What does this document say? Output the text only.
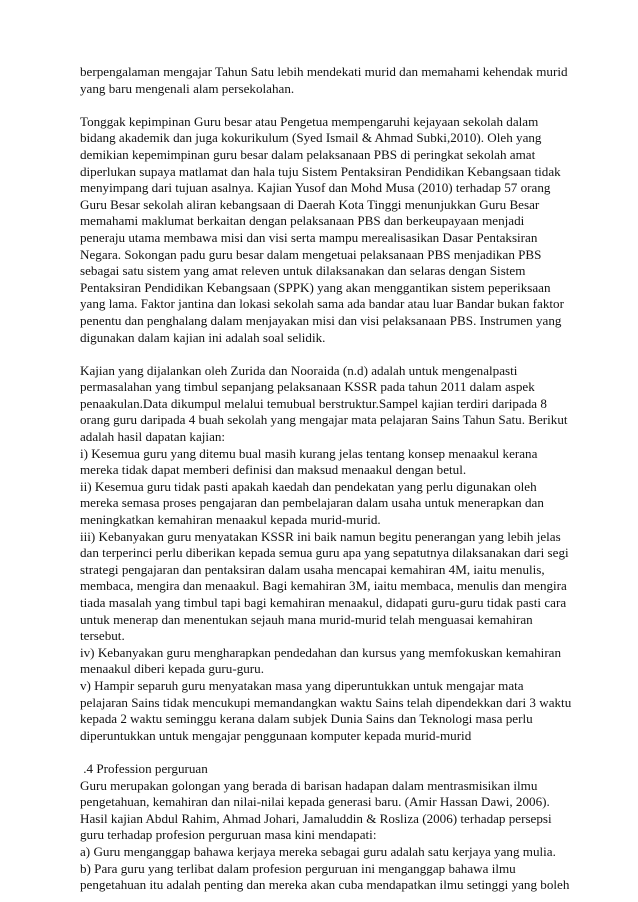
berpengalaman mengajar Tahun Satu lebih mendekati murid dan memahami kehendak murid
yang baru mengenali alam persekolahan.

Tonggak kepimpinan Guru besar atau Pengetua mempengaruhi kejayaan sekolah dalam
bidang akademik dan juga kokurikulum (Syed Ismail & Ahmad Subki,2010). Oleh yang
demikian kepemimpinan guru besar dalam pelaksanaan PBS di peringkat sekolah amat
diperlukan supaya matlamat dan hala tuju Sistem Pentaksiran Pendidikan Kebangsaan tidak
menyimpang dari tujuan asalnya. Kajian Yusof dan Mohd Musa (2010) terhadap 57 orang
Guru Besar sekolah aliran kebangsaan di Daerah Kota Tinggi menunjukkan Guru Besar
memahami maklumat berkaitan dengan pelaksanaan PBS dan berkeupayaan menjadi
peneraju utama membawa misi dan visi serta mampu merealisasikan Dasar Pentaksiran
Negara. Sokongan padu guru besar dalam mengetuai pelaksanaan PBS menjadikan PBS
sebagai satu sistem yang amat releven untuk dilaksanakan dan selaras dengan Sistem
Pentaksiran Pendidikan Kebangsaan (SPPK) yang akan menggantikan sistem peperiksaan
yang lama. Faktor jantina dan lokasi sekolah sama ada bandar atau luar Bandar bukan faktor
penentu dan penghalang dalam menjayakan misi dan visi pelaksanaan PBS. Instrumen yang
digunakan dalam kajian ini adalah soal selidik.

Kajian yang dijalankan oleh Zurida dan Nooraida (n.d) adalah untuk mengenalpasti
permasalahan yang timbul sepanjang pelaksanaan KSSR pada tahun 2011 dalam aspek
penaakulan.Data dikumpul melalui temubual berstruktur.Sampel kajian terdiri daripada 8
orang guru daripada 4 buah sekolah yang mengajar mata pelajaran Sains Tahun Satu. Berikut
adalah hasil dapatan kajian:
i) Kesemua guru yang ditemu bual masih kurang jelas tentang konsep menaakul kerana
mereka tidak dapat memberi definisi dan maksud menaakul dengan betul.
ii) Kesemua guru tidak pasti apakah kaedah dan pendekatan yang perlu digunakan oleh
mereka semasa proses pengajaran dan pembelajaran dalam usaha untuk menerapkan dan
meningkatkan kemahiran menaakul kepada murid-murid.
iii) Kebanyakan guru menyatakan KSSR ini baik namun begitu penerangan yang lebih jelas
dan terperinci perlu diberikan kepada semua guru apa yang sepatutnya dilaksanakan dari segi
strategi pengajaran dan pentaksiran dalam usaha mencapai kemahiran 4M, iaitu menulis,
membaca, mengira dan menaakul. Bagi kemahiran 3M, iaitu membaca, menulis dan mengira
tiada masalah yang timbul tapi bagi kemahiran menaakul, didapati guru-guru tidak pasti cara
untuk menerap dan menentukan sejauh mana murid-murid telah menguasai kemahiran
tersebut.
iv) Kebanyakan guru mengharapkan pendedahan dan kursus yang memfokuskan kemahiran
menaakul diberi kepada guru-guru.
v) Hampir separuh guru menyatakan masa yang diperuntukkan untuk mengajar mata
pelajaran Sains tidak mencukupi memandangkan waktu Sains telah dipendekkan dari 3 waktu
kepada 2 waktu seminggu kerana dalam subjek Dunia Sains dan Teknologi masa perlu
diperuntukkan untuk mengajar penggunaan komputer kepada murid-murid

.4 Profession perguruan

Guru merupakan golongan yang berada di barisan hadapan dalam mentrasmisikan ilmu
pengetahuan, kemahiran dan nilai-nilai kepada generasi baru. (Amir Hassan Dawi, 2006).
Hasil kajian Abdul Rahim, Ahmad Johari, Jamaluddin & Rosliza (2006) terhadap persepsi
guru terhadap profesion perguruan masa kini mendapati:
a) Guru menganggap bahawa kerjaya mereka sebagai guru adalah satu kerjaya yang mulia.
b) Para guru yang terlibat dalam profesion perguruan ini menganggap bahawa ilmu
pengetahuan itu adalah penting dan mereka akan cuba mendapatkan ilmu setinggi yang boleh
